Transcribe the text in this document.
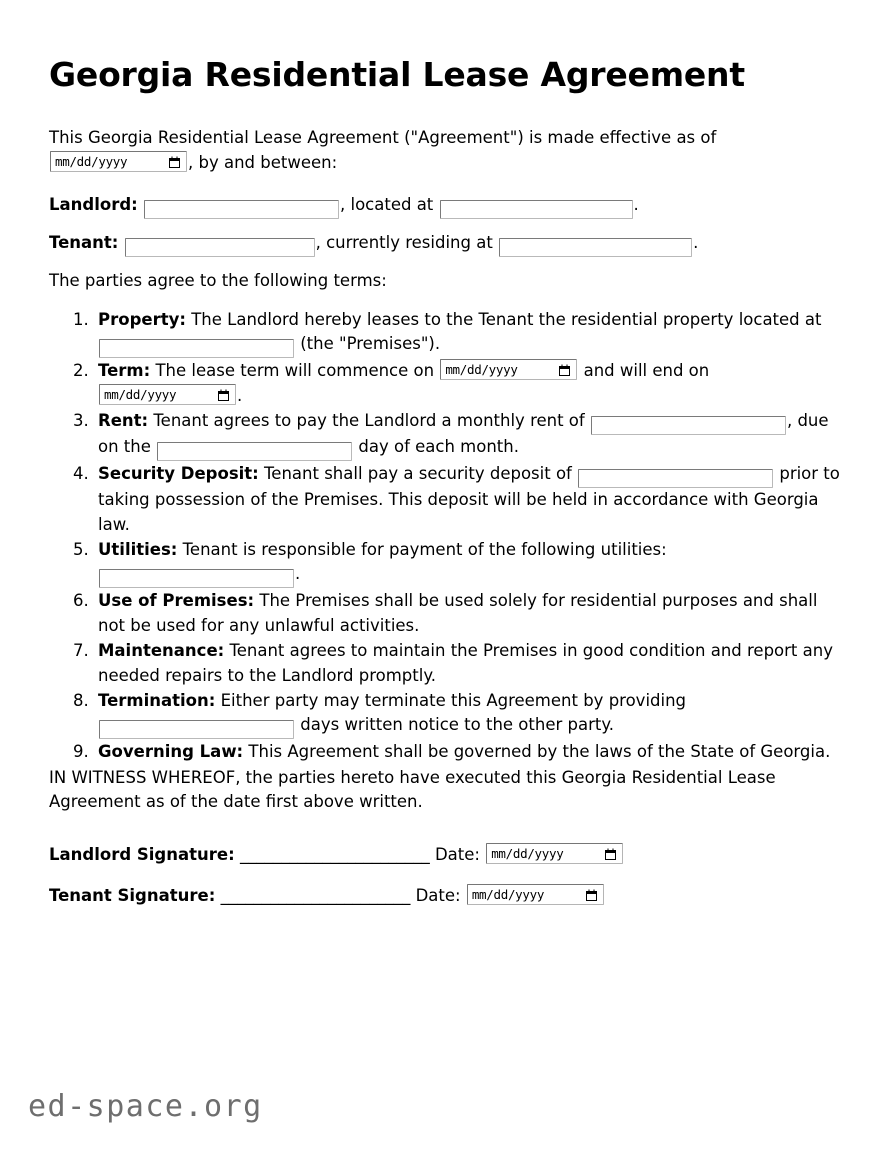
Georgia Residential Lease Agreement

This Georgia Residential Lease Agreement ("Agreement") is made effective as of

mm/dd/yyyy	, by and between:

Landlord:	, located at	.

Tenant:	, currently residing at	.

The parties agree to the following terms:

1. Property: The Landlord hereby leases to the Tenant the residential property located at  (the "Premises").
2. Term: The lease term will commence on mm/dd/yyyy	and will end on

mm/dd/yyyy	.
3. Rent: Tenant agrees to pay the Landlord a monthly rent of	, due on the	day of each month.
4. Security Deposit: Tenant shall pay a security deposit of	prior to taking possession of the Premises. This deposit will be held in accordance with Georgia law.
5. Utilities: Tenant is responsible for payment of the following utilities:
.
6. Use of Premises: The Premises shall be used solely for residential purposes and shall not be used for any unlawful activities.
7. Maintenance: Tenant agrees to maintain the Premises in good condition and report any needed repairs to the Landlord promptly.
8. Termination: Either party may terminate this Agreement by providing
days written notice to the other party.
9. Governing Law: This Agreement shall be governed by the laws of the State of Georgia.

IN WITNESS WHEREOF, the parties hereto have executed this Georgia Residential Lease Agreement as of the date first above written.

Landlord Signature: _______________________ Date: mm/dd/yyyy

Tenant Signature: _______________________ Date: mm/dd/yyyy

ed-space.org
